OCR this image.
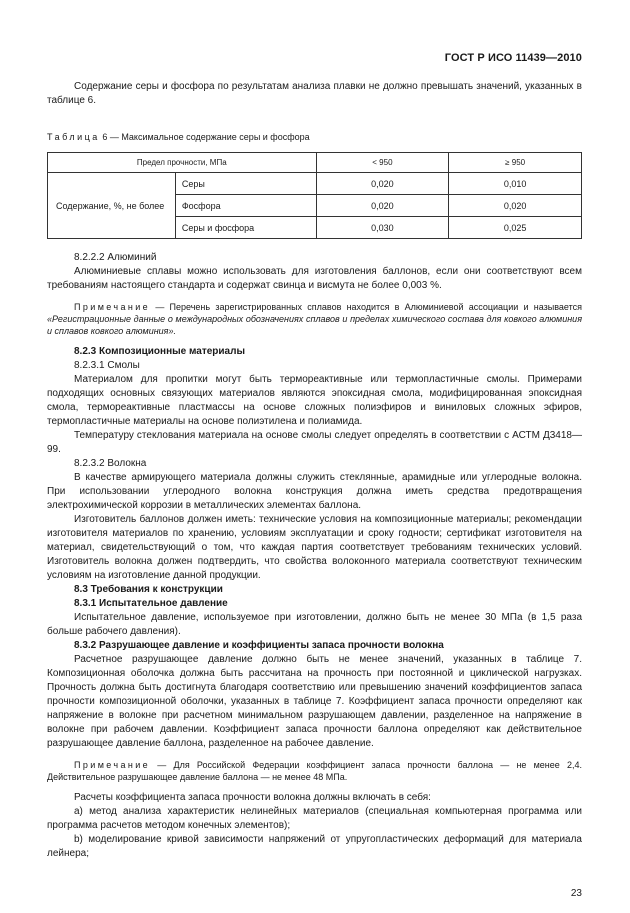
ГОСТ Р ИСО 11439—2010

Содержание серы и фосфора по результатам анализа плавки не должно превышать значений, указанных в таблице 6.

Таблица 6 — Максимальное содержание серы и фосфора
Предел прочности, МПа		< 950	≥ 950
Содержание, %, не более	Серы	0,020	0,010
	Фосфора	0,020	0,020
	Серы и фосфора	0,030	0,025

8.2.2.2 Алюминий

Алюминиевые сплавы можно использовать для изготовления баллонов, если они соответствуют всем требованиям настоящего стандарта и содержат свинца и висмута не более 0,003 %.

Примечание — Перечень зарегистрированных сплавов находится в Алюминиевой ассоциации и называется «Регистрационные данные о международных обозначениях сплавов и пределах химического состава для ковкого алюминия и сплавов ковкого алюминия».

8.2.3 Композиционные материалы

8.2.3.1 Смолы

Материалом для пропитки могут быть термореактивные или термопластичные смолы. Примерами подходящих основных связующих материалов являются эпоксидная смола, модифицированная эпоксидная смола, термореактивные пластмассы на основе сложных полиэфиров и виниловых сложных эфиров, термопластичные материалы на основе полиэтилена и полиамида.

Температуру стеклования материала на основе смолы следует определять в соответствии с АСТМ Д3418—99.

8.2.3.2 Волокна

В качестве армирующего материала должны служить стеклянные, арамидные или углеродные волокна. При использовании углеродного волокна конструкция должна иметь средства предотвращения электрохимической коррозии в металлических элементах баллона.

Изготовитель баллонов должен иметь: технические условия на композиционные материалы; рекомендации изготовителя материалов по хранению, условиям эксплуатации и сроку годности; сертификат изготовителя на материал, свидетельствующий о том, что каждая партия соответствует требованиям технических условий. Изготовитель волокна должен подтвердить, что свойства волоконного материала соответствуют техническим условиям на изготовление данной продукции.

8.3 Требования к конструкции

8.3.1 Испытательное давление

Испытательное давление, используемое при изготовлении, должно быть не менее 30 МПа (в 1,5 раза больше рабочего давления).

8.3.2 Разрушающее давление и коэффициенты запаса прочности волокна

Расчетное разрушающее давление должно быть не менее значений, указанных в таблице 7. Композиционная оболочка должна быть рассчитана на прочность при постоянной и циклической нагрузках. Прочность должна быть достигнута благодаря соответствию или превышению значений коэффициентов запаса прочности композиционной оболочки, указанных в таблице 7. Коэффициент запаса прочности определяют как напряжение в волокне при расчетном минимальном разрушающем давлении, разделенное на напряжение в волокне при рабочем давлении. Коэффициент запаса прочности баллона определяют как действительное разрушающее давление баллона, разделенное на рабочее давление.

Примечание — Для Российской Федерации коэффициент запаса прочности баллона — не менее 2,4. Действительное разрушающее давление баллона — не менее 48 МПа.

Расчеты коэффициента запаса прочности волокна должны включать в себя:

а) метод анализа характеристик нелинейных материалов (специальная компьютерная программа или программа расчетов методом конечных элементов);

b) моделирование кривой зависимости напряжений от упругопластических деформаций для материала лейнера;

23
